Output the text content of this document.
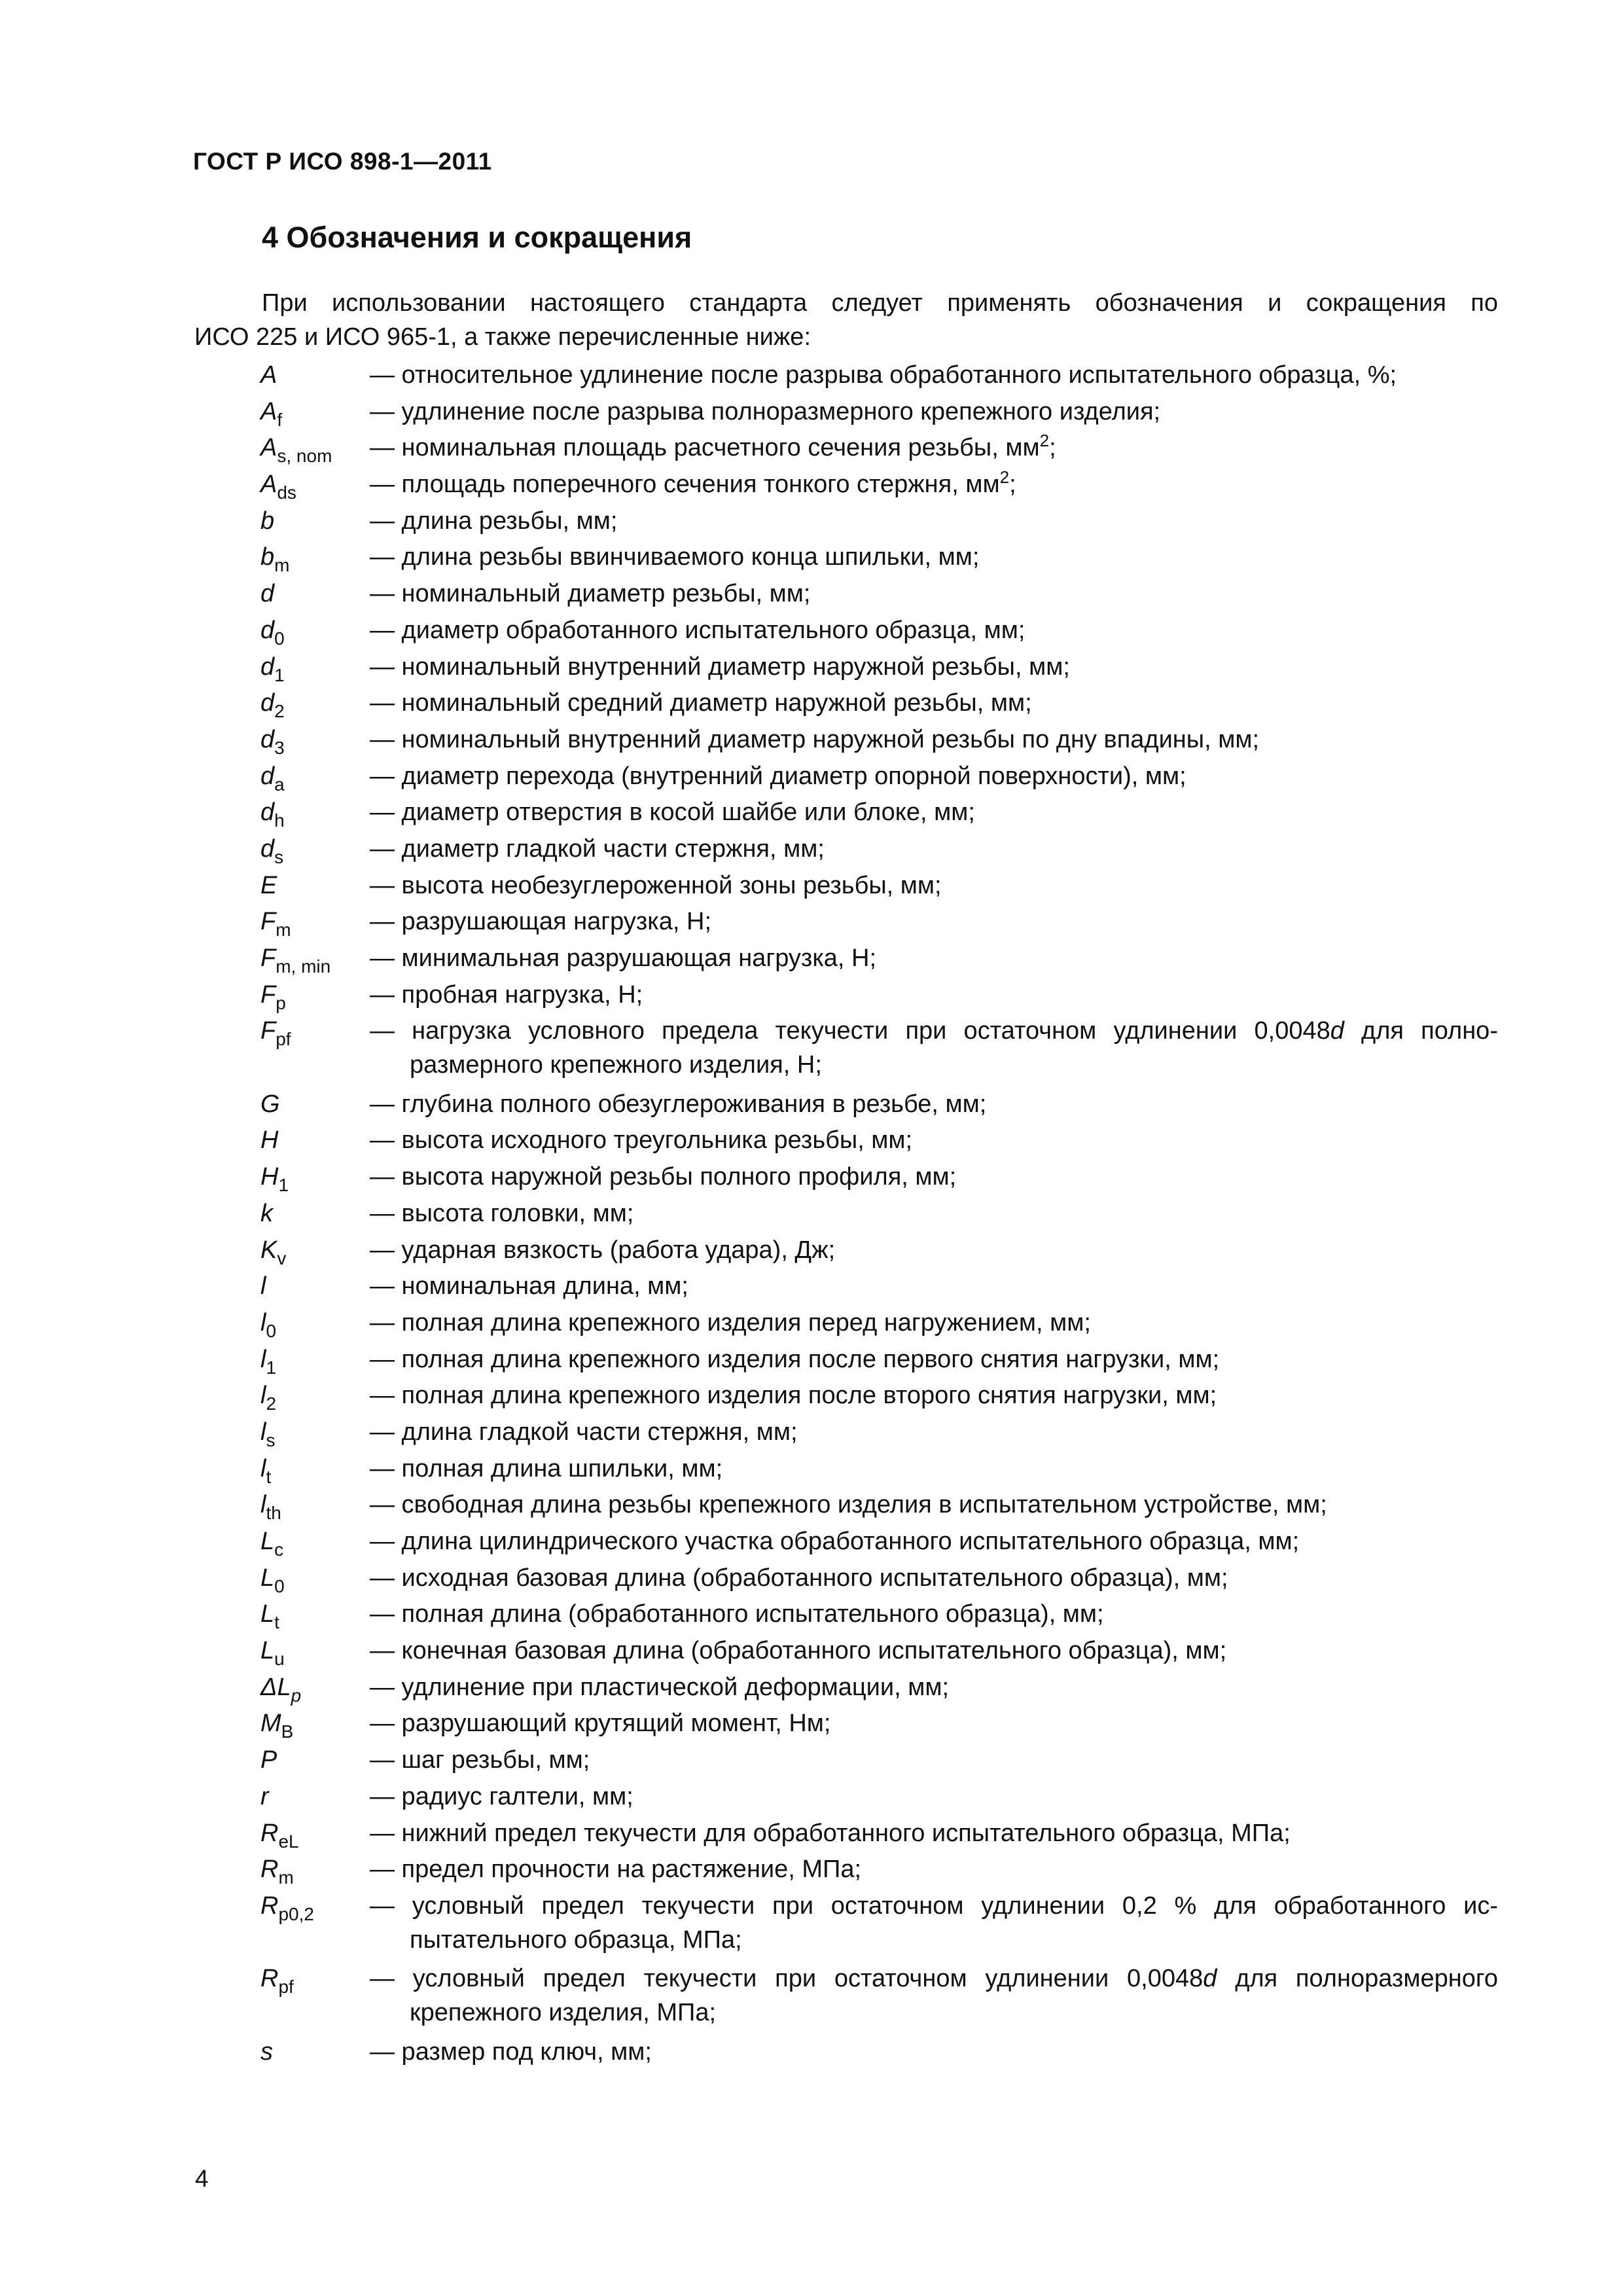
ГОСТ Р ИСО 898-1—2011
4 Обозначения и сокращения
При использовании настоящего стандарта следует применять обозначения и сокращения по
ИСО 225 и ИСО 965-1, а также перечисленные ниже:
A	— относительное удлинение после разрыва обработанного испытательного образца, %;
$A_f$	— удлинение после разрыва полноразмерного крепежного изделия;
$A_{s, nom}$ — номинальная площадь расчетного сечения резьбы, $мм^2$;
$A_{ds}$	— площадь поперечного сечения тонкого стержня, $мм^2$;
b	— длина резьбы, мм;
$b_m$	— длина резьбы ввинчиваемого конца шпильки, мм;
d	— номинальный диаметр резьбы, мм;
$d_0$	— диаметр обработанного испытательного образца, мм;
$d_1$	— номинальный внутренний диаметр наружной резьбы, мм;
$d_2$	— номинальный средний диаметр наружной резьбы, мм;
$d_3$	— номинальный внутренний диаметр наружной резьбы по дну впадины, мм;
$d_a$	— диаметр перехода (внутренний диаметр опорной поверхности), мм;
$d_h$	— диаметр отверстия в косой шайбе или блоке, мм;
$d_s$	— диаметр гладкой части стержня, мм;
E	— высота необезуглероженной зоны резьбы, мм;
$F_m$	— разрушающая нагрузка, Н;
$F_{m, min}$ — минимальная разрушающая нагрузка, Н;
$F_p$	— пробная нагрузка, Н;
$F_{pf}$	— нагрузка условного предела текучести при остаточном удлинении 0,0048d для полно-
размерного крепежного изделия, Н;
G	— глубина полного обезуглероживания в резьбе, мм;
H	— высота исходного треугольника резьбы, мм;
$H_1$	— высота наружной резьбы полного профиля, мм;
k	— высота головки, мм;
$K_v$	— ударная вязкость (работа удара), Дж;
l	— номинальная длина, мм;
$l_0$	— полная длина крепежного изделия перед нагружением, мм;
$l_1$	— полная длина крепежного изделия после первого снятия нагрузки, мм;
$l_2$	— полная длина крепежного изделия после второго снятия нагрузки, мм;
$l_s$	— длина гладкой части стержня, мм;
$l_t$	— полная длина шпильки, мм;
$l_{th}$	— свободная длина резьбы крепежного изделия в испытательном устройстве, мм;
$L_c$	— длина цилиндрического участка обработанного испытательного образца, мм;
$L_0$	— исходная базовая длина (обработанного испытательного образца), мм;
$L_t$	— полная длина (обработанного испытательного образца), мм;
$L_u$	— конечная базовая длина (обработанного испытательного образца), мм;
$\Delta L_p$	— удлинение при пластической деформации, мм;
$M_B$	— разрушающий крутящий момент, Нм;
P	— шаг резьбы, мм;
r	— радиус галтели, мм;
$R_{eL}$	— нижний предел текучести для обработанного испытательного образца, МПа;
$R_m$	— предел прочности на растяжение, МПа;
$R_{p0,2}$ — условный предел текучести при остаточном удлинении 0,2 % для обработанного ис-
пытательного образца, МПа;
$R_{pf}$	— условный предел текучести при остаточном удлинении 0,0048d для полноразмерного
крепежного изделия, МПа;
s	— размер под ключ, мм;
4
